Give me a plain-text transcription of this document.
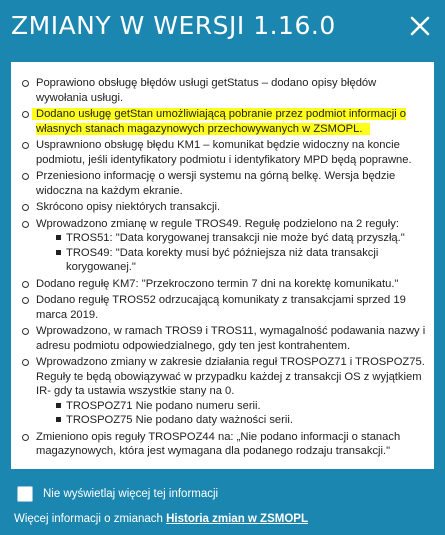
ZMIANY W WERSJI 1.16.0
Poprawiono obsługę błędów usługi getStatus – dodano opisy błędów wywołania usługi.
Dodano usługę getStan umożliwiającą pobranie przez podmiot informacji o własnych stanach magazynowych przechowywanych w ZSMOPL.
Usprawniono obsługę błędu KM1 – komunikat będzie widoczny na koncie podmiotu, jeśli identyfikatory podmiotu i identyfikatory MPD będą poprawne.
Przeniesiono informację o wersji systemu na górną belkę. Wersja będzie widoczna na każdym ekranie.
Skrócono opisy niektórych transakcji.
Wprowadzono zmianę w regule TROS49. Regułę podzielono na 2 reguły:
TROS51: "Data korygowanej transakcji nie może być datą przyszłą."
TROS49: "Data korekty musi być późniejsza niż data transakcji korygowanej."
Dodano regułę KM7: "Przekroczono termin 7 dni na korektę komunikatu."
Dodano regułę TROS52 odrzucającą komunikaty z transakcjami sprzed 19 marca 2019.
Wprowadzono, w ramach TROS9 i TROS11, wymagalność podawania nazwy i adresu podmiotu odpowiedzialnego, gdy ten jest kontrahentem.
Wprowadzono zmiany w zakresie działania reguł TROSPOZ71 i TROSPOZ75. Reguły te będą obowiązywać w przypadku każdej z transakcji OS z wyjątkiem IR- gdy ta ustawia wszystkie stany na 0.
TROSPOZ71 Nie podano numeru serii.
TROSPOZ75 Nie podano daty ważności serii.
Zmieniono opis reguły TROSPOZ44 na: „Nie podano informacji o stanach magazynowych, która jest wymagana dla podanego rodzaju transakcji."
Nie wyświetlaj więcej tej informacji
Więcej informacji o zmianach Historia zmian w ZSMOPL
